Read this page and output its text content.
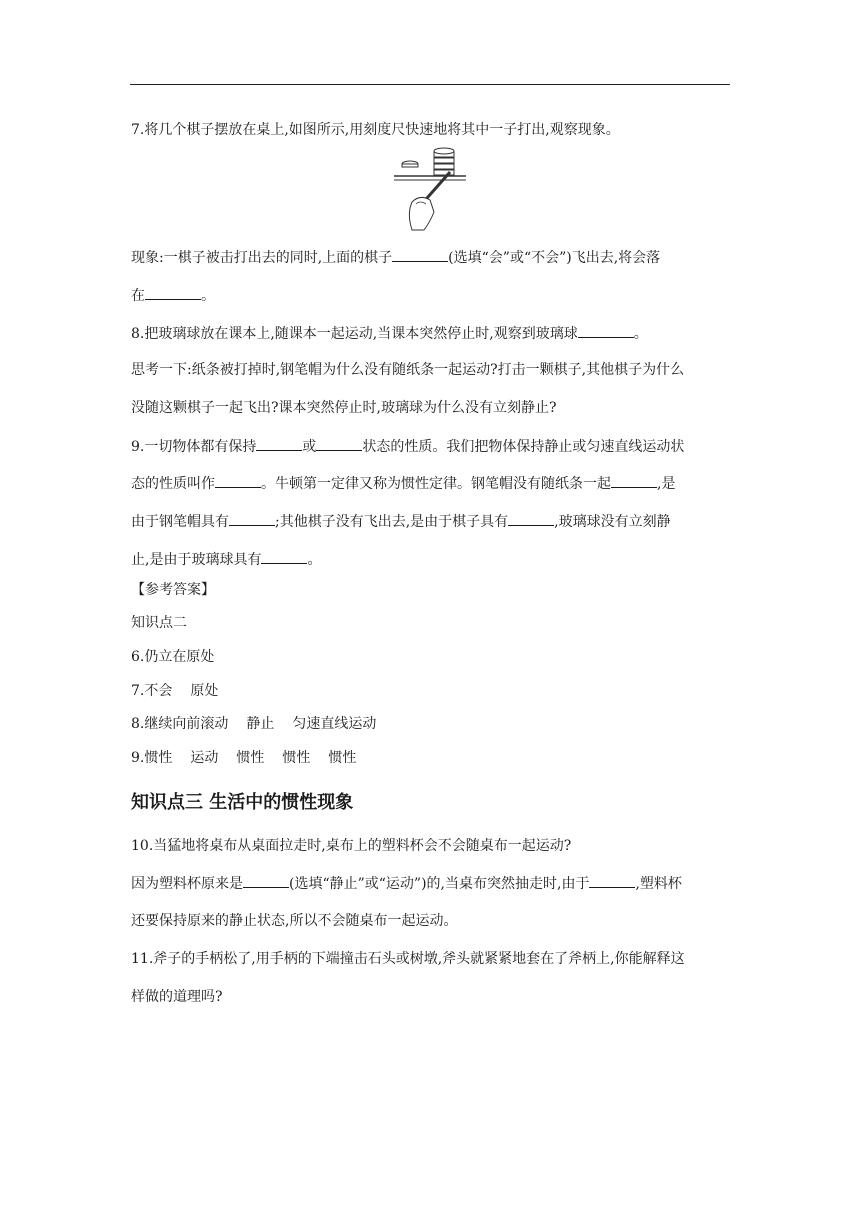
7.将几个棋子摆放在桌上,如图所示,用刻度尺快速地将其中一子打出,观察现象。
现象:一棋子被击打出去的同时,上面的棋子	(选填“会”或“不会”)飞出去,将会落
在	。
8.把玻璃球放在课本上,随课本一起运动,当课本突然停止时,观察到玻璃球	。
思考一下:纸条被打掉时,钢笔帽为什么没有随纸条一起运动?打击一颗棋子,其他棋子为什么
没随这颗棋子一起飞出?课本突然停止时,玻璃球为什么没有立刻静止?
9.一切物体都有保持	或	状态的性质。我们把物体保持静止或匀速直线运动状
态的性质叫作	。牛顿第一定律又称为惯性定律。钢笔帽没有随纸条一起	,是
由于钢笔帽具有	;其他棋子没有飞出去,是由于棋子具有	,玻璃球没有立刻静
止,是由于玻璃球具有	。
【参考答案】
知识点二
6.仍立在原处
7.不会 原处
8.继续向前滚动 静止 匀速直线运动
9.惯性 运动 惯性 惯性 惯性
知识点三 生活中的惯性现象
10.当猛地将桌布从桌面拉走时,桌布上的塑料杯会不会随桌布一起运动?
因为塑料杯原来是	(选填“静止”或“运动”)的,当桌布突然抽走时,由于	,塑料杯
还要保持原来的静止状态,所以不会随桌布一起运动。
11.斧子的手柄松了,用手柄的下端撞击石头或树墩,斧头就紧紧地套在了斧柄上,你能解释这
样做的道理吗?
